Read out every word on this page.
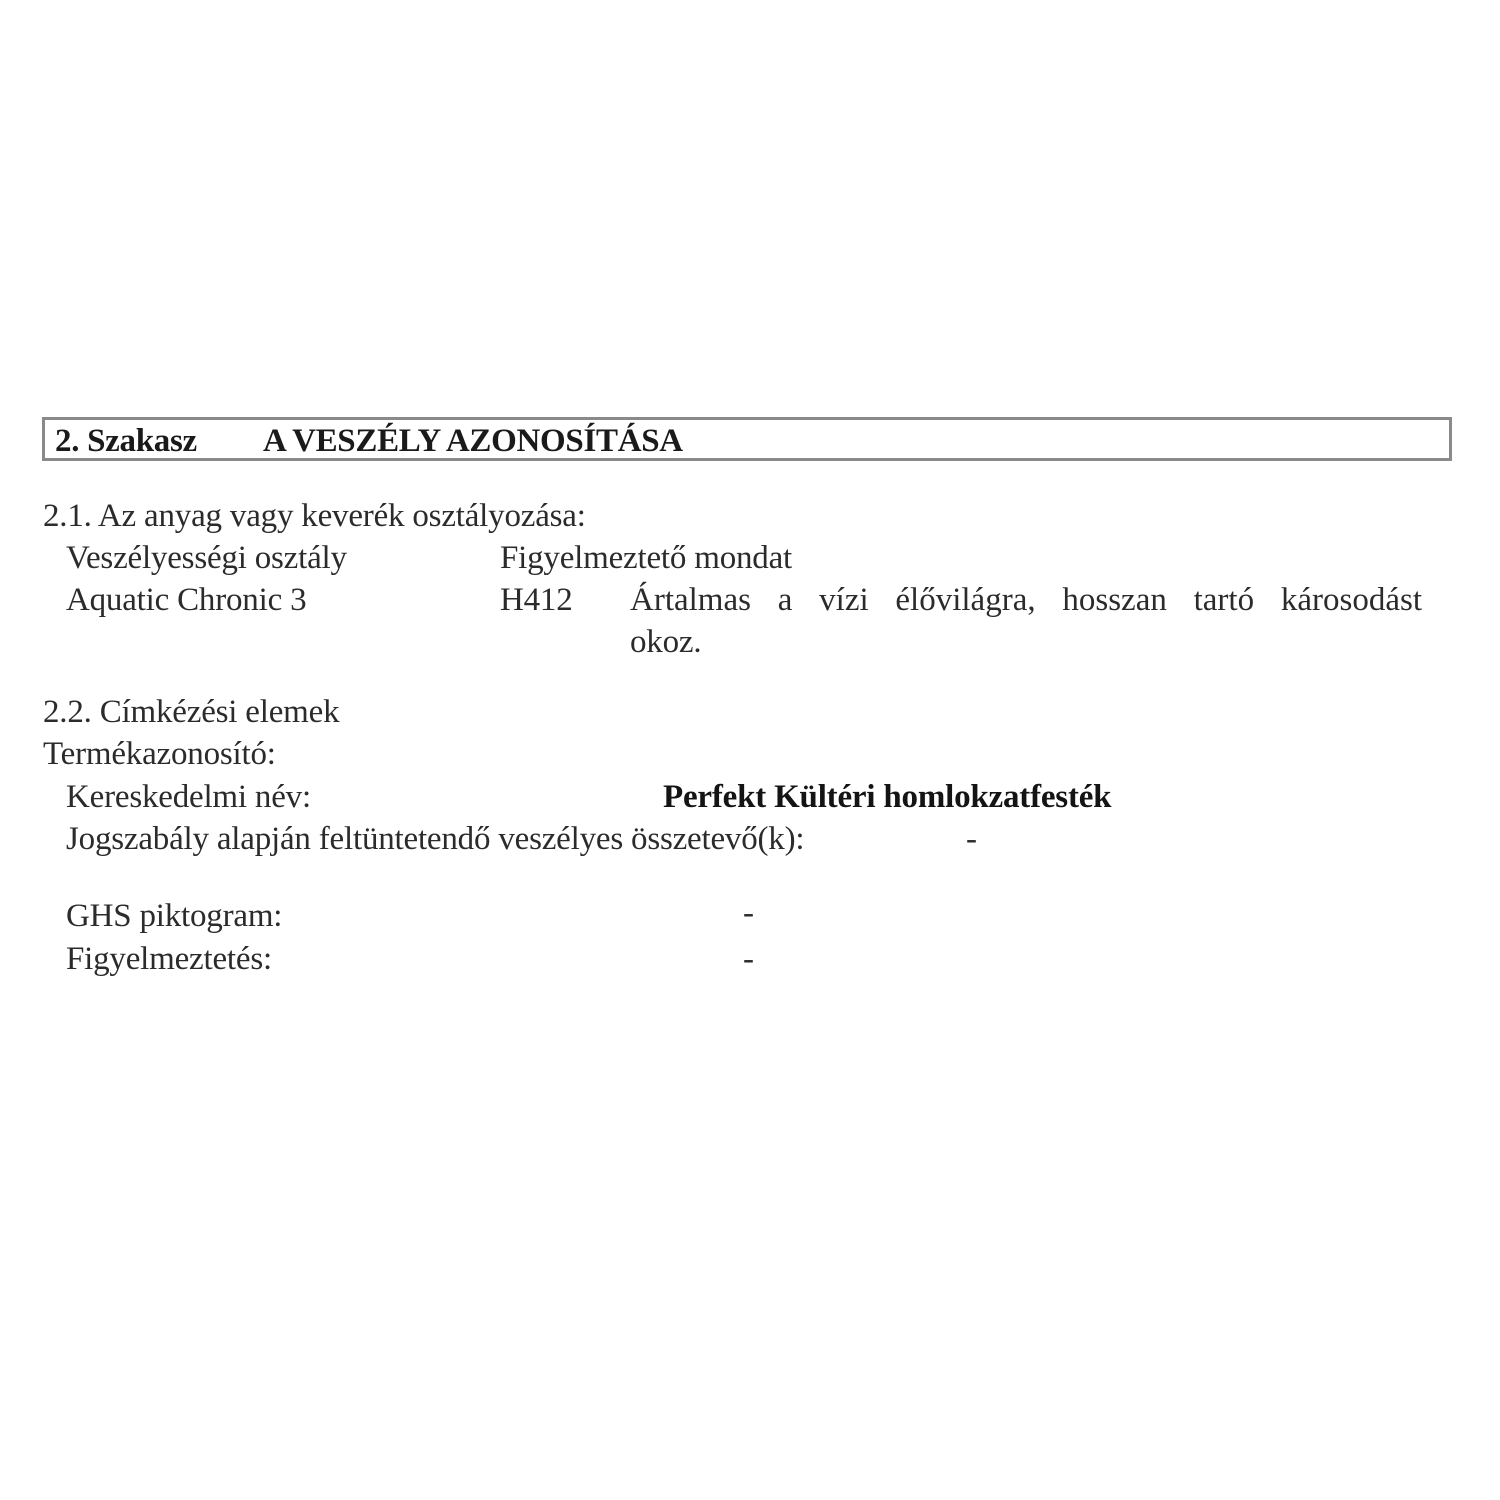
2. Szakasz A VESZÉLY AZONOSÍTÁSA
2.1. Az anyag vagy keverék osztályozása:
Veszélyességi osztály	Figyelmeztető mondat
Aquatic Chronic 3	H412 Ártalmas a vízi élővilágra, hosszan tartó károsodást
okoz.
2.2. Címkézési elemek
Termékazonosító:
Kereskedelmi név:	Perfekt Kültéri homlokzatfesték
Jogszabály alapján feltüntetendő veszélyes összetevő(k):	-
GHS piktogram:	-
Figyelmeztetés:	-
